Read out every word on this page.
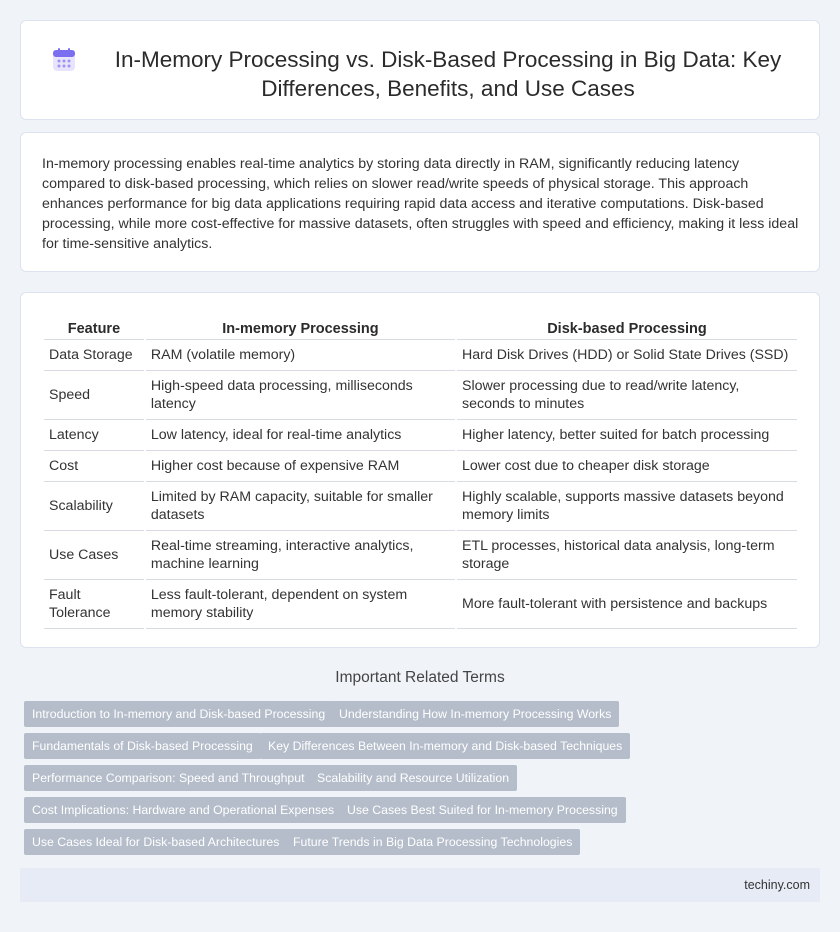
In-Memory Processing vs. Disk-Based Processing in Big Data: Key Differences, Benefits, and Use Cases

In-memory processing enables real-time analytics by storing data directly in RAM, significantly reducing latency compared to disk-based processing, which relies on slower read/write speeds of physical storage. This approach enhances performance for big data applications requiring rapid data access and iterative computations. Disk-based processing, while more cost-effective for massive datasets, often struggles with speed and efficiency, making it less ideal for time-sensitive analytics.

Feature	In-memory Processing	Disk-based Processing
Data Storage	RAM (volatile memory)	Hard Disk Drives (HDD) or Solid State Drives (SSD)
Speed	High-speed data processing, milliseconds latency	Slower processing due to read/write latency, seconds to minutes
Latency	Low latency, ideal for real-time analytics	Higher latency, better suited for batch processing
Cost	Higher cost because of expensive RAM	Lower cost due to cheaper disk storage
Scalability	Limited by RAM capacity, suitable for smaller datasets	Highly scalable, supports massive datasets beyond memory limits
Use Cases	Real-time streaming, interactive analytics, machine learning	ETL processes, historical data analysis, long-term storage
Fault Tolerance	Less fault-tolerant, dependent on system memory stability	More fault-tolerant with persistence and backups
Important Related Terms
Introduction to In-memory and Disk-based Processing	Understanding How In-memory Processing Works
Fundamentals of Disk-based Processing	Key Differences Between In-memory and Disk-based Techniques
Performance Comparison: Speed and Throughput	Scalability and Resource Utilization
Cost Implications: Hardware and Operational Expenses	Use Cases Best Suited for In-memory Processing
Use Cases Ideal for Disk-based Architectures	Future Trends in Big Data Processing Technologies
techiny.com
